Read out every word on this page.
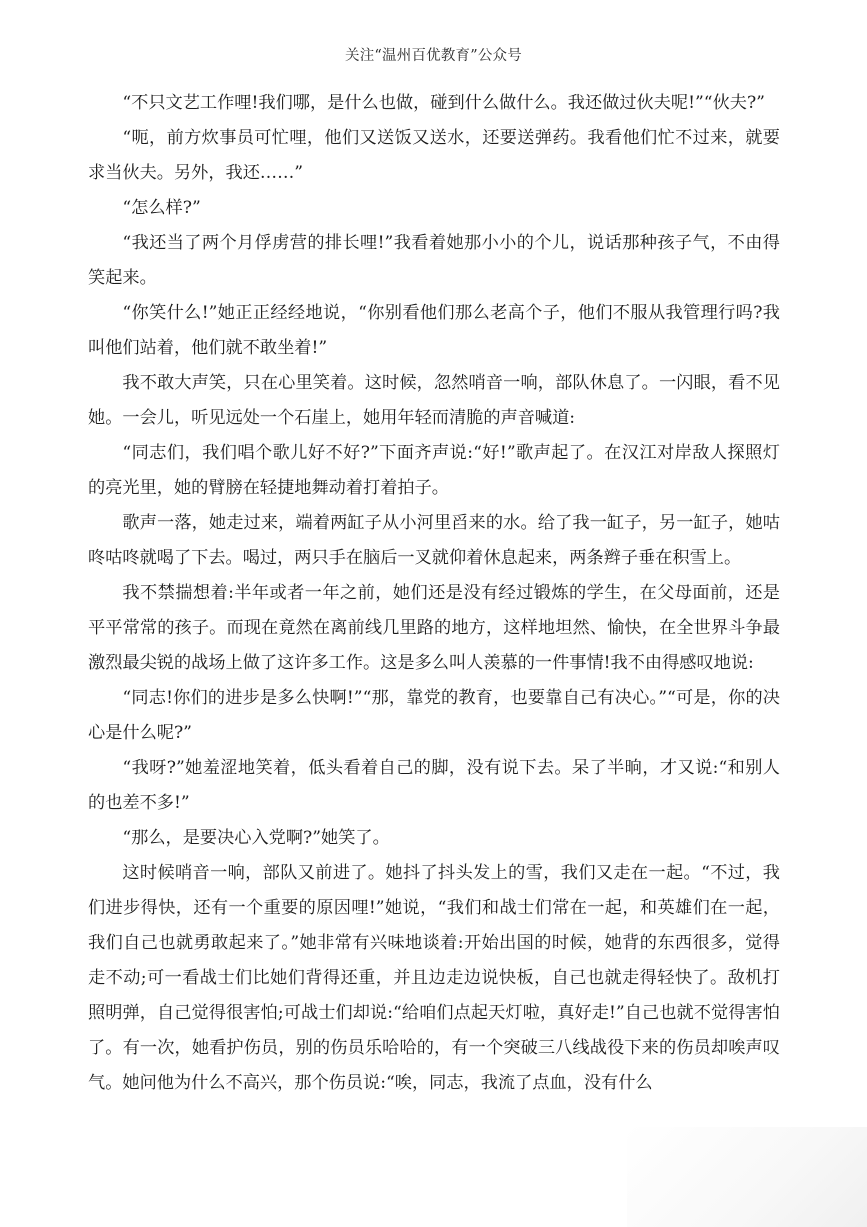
关注“温州百优教育”公众号

“不只文艺工作哩!我们哪，是什么也做，碰到什么做什么。我还做过伙夫呢!”“伙夫?”

“呃，前方炊事员可忙哩，他们又送饭又送水，还要送弹药。我看他们忙不过来，就要求当伙夫。另外，我还……”

“怎么样?”

“我还当了两个月俘虏营的排长哩!”我看着她那小小的个儿，说话那种孩子气，不由得笑起来。

“你笑什么!”她正正经经地说，“你别看他们那么老高个子，他们不服从我管理行吗?我叫他们站着，他们就不敢坐着!”

我不敢大声笑，只在心里笑着。这时候，忽然哨音一响，部队休息了。一闪眼，看不见她。一会儿，听见远处一个石崖上，她用年轻而清脆的声音喊道:

“同志们，我们唱个歌儿好不好?”下面齐声说:“好!”歌声起了。在汉江对岸敌人探照灯的亮光里，她的臂膀在轻捷地舞动着打着拍子。

歌声一落，她走过来，端着两缸子从小河里舀来的水。给了我一缸子，另一缸子，她咕咚咕咚就喝了下去。喝过，两只手在脑后一叉就仰着休息起来，两条辫子垂在积雪上。

我不禁揣想着:半年或者一年之前，她们还是没有经过锻炼的学生，在父母面前，还是平平常常的孩子。而现在竟然在离前线几里路的地方，这样地坦然、愉快，在全世界斗争最激烈最尖锐的战场上做了这许多工作。这是多么叫人羡慕的一件事情!我不由得感叹地说:

“同志!你们的进步是多么快啊!”“那，靠党的教育，也要靠自己有决心。”“可是，你的决心是什么呢?”

“我呀?”她羞涩地笑着，低头看着自己的脚，没有说下去。呆了半晌，才又说:“和别人的也差不多!”

“那么，是要决心入党啊?”她笑了。

这时候哨音一响，部队又前进了。她抖了抖头发上的雪，我们又走在一起。“不过，我们进步得快，还有一个重要的原因哩!”她说，“我们和战士们常在一起，和英雄们在一起，我们自己也就勇敢起来了。”她非常有兴味地谈着:开始出国的时候，她背的东西很多，觉得走不动;可一看战士们比她们背得还重，并且边走边说快板，自己也就走得轻快了。敌机打照明弹，自己觉得很害怕;可战士们却说:“给咱们点起天灯啦，真好走!”自己也就不觉得害怕了。有一次，她看护伤员，别的伤员乐哈哈的，有一个突破三八线战役下来的伤员却唉声叹气。她问他为什么不高兴，那个伤员说:“唉，同志，我流了点血，没有什么
